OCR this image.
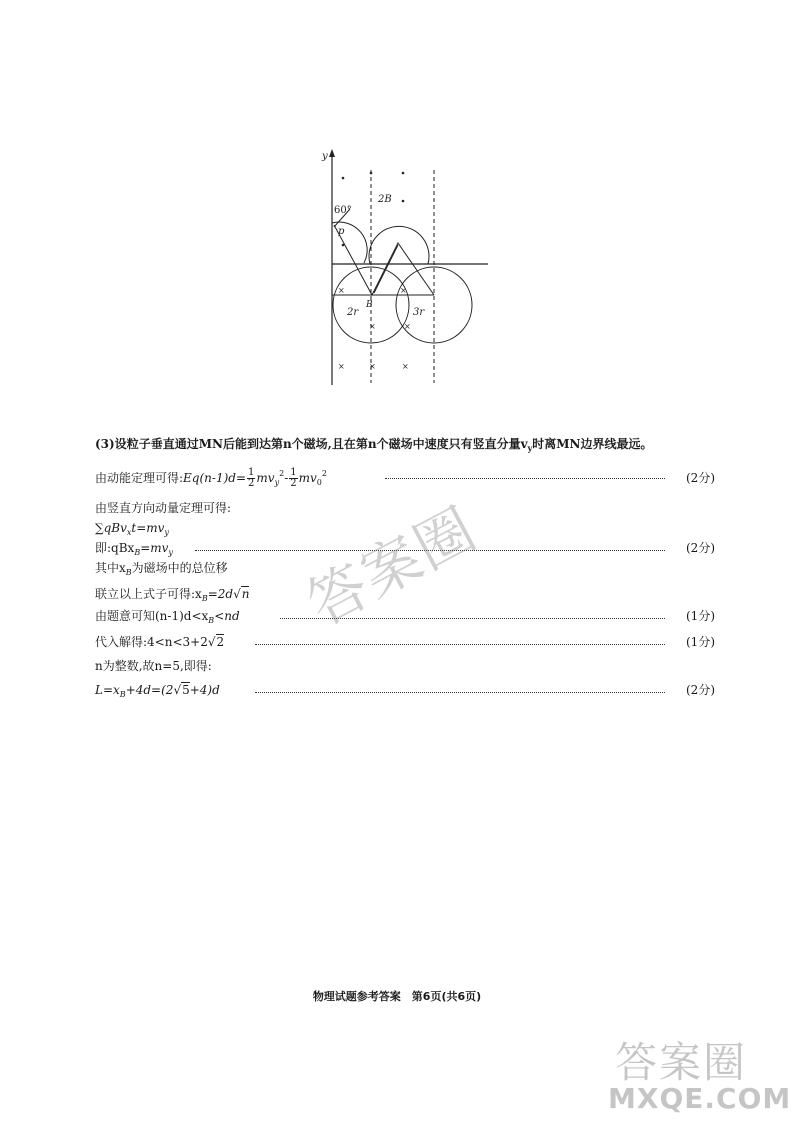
y
60°
p
2B
B
2r	3r
×	×
×	×
×	×	×
(3)设粒子垂直通过MN后能到达第n个磁场,且在第n个磁场中速度只有竖直分量$v_y$时离MN边界线最远。
由动能定理可得:Eq(n-1)d= $\frac{1}{2} mv_y^2- \frac{1}{2} mv_0^2$	(2分)
由竖直方向动量定理可得:
$\sum qBv_xt=mv_y$
即$:qBx_B=mv_y$	(2分)
其中$x_B$为磁场中的总位移
联立以上式子可得$:x_B=2d√n$
由题意可知$(n-1)d<x_B<nd$	(1分)
代入解得:4<n<3+2√2	(1分)
n为整数,故n=5,即得:
$L=x_B+4d=(2√5+4)d$	(2分)
答案圈
物理试题参考答案　第6页(共6页)
答案圈
MXQE.COM
